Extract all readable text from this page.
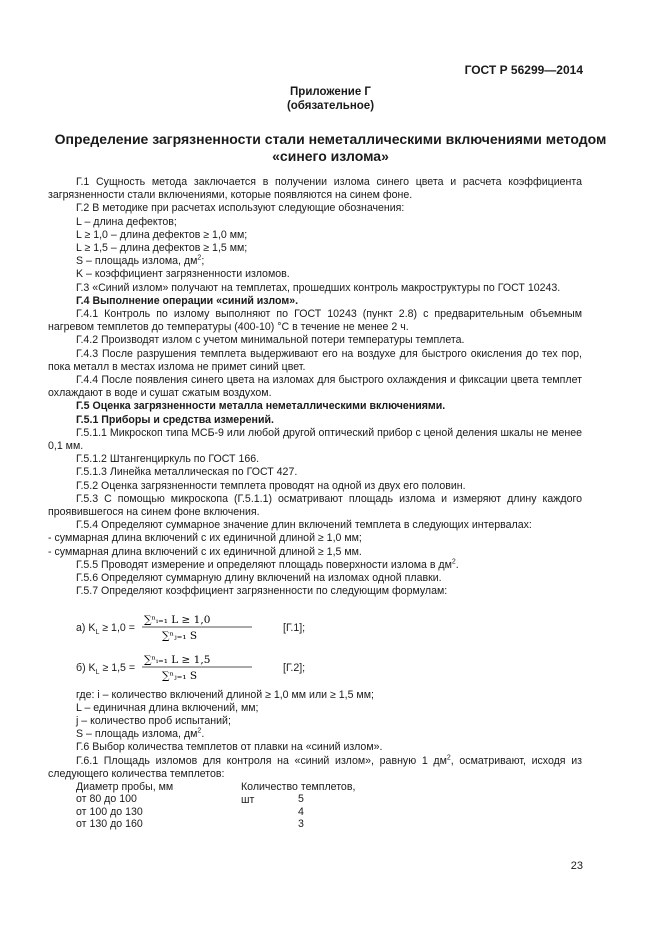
ГОСТ Р 56299—2014
Приложение Г
(обязательное)
Определение загрязненности стали неметаллическими включениями методом «синего излома»

Г.1 Сущность метода заключается в получении излома синего цвета и расчета коэффициента загрязненности стали включениями, которые появляются на синем фоне.

Г.2 В методике при расчетах используют следующие обозначения:

L – длина дефектов;

L ≥ 1,0 – длина дефектов ≥ 1,0 мм;

L ≥ 1,5 – длина дефектов ≥ 1,5 мм;

S – площадь излома, $дм^2$;

K – коэффициент загрязненности изломов.

Г.3 «Синий излом» получают на темплетах, прошедших контроль макроструктуры по ГОСТ 10243.

Г.4 Выполнение операции «синий излом».

Г.4.1 Контроль по излому выполняют по ГОСТ 10243 (пункт 2.8) с предварительным объемным нагревом темплетов до температуры (400-10) °С в течение не менее 2 ч.

Г.4.2 Производят излом с учетом минимальной потери температуры темплета.

Г.4.3 После разрушения темплета выдерживают его на воздухе для быстрого окисления до тех пор, пока металл в местах излома не примет синий цвет.

Г.4.4 После появления синего цвета на изломах для быстрого охлаждения и фиксации цвета темплет охлаждают в воде и сушат сжатым воздухом.

Г.5 Оценка загрязненности металла неметаллическими включениями.

Г.5.1 Приборы и средства измерений.

Г.5.1.1 Микроскоп типа МСБ-9 или любой другой оптический прибор с ценой деления шкалы не менее 0,1 мм.

Г.5.1.2 Штангенциркуль по ГОСТ 166.

Г.5.1.3 Линейка металлическая по ГОСТ 427.

Г.5.2 Оценка загрязненности темплета проводят на одной из двух его половин.

Г.5.3 С помощью микроскопа (Г.5.1.1) осматривают площадь излома и измеряют длину каждого проявившегося на синем фоне включения.

Г.5.4 Определяют суммарное значение длин включений темплета в следующих интервалах:

- суммарная длина включений с их единичной длиной ≥ 1,0 мм;

- суммарная длина включений с их единичной длиной ≥ 1,5 мм.

Г.5.5 Проводят измерение и определяют площадь поверхности излома в $дм^2$.

Г.5.6 Определяют суммарную длину включений на изломах одной плавки.

Г.5.7 Определяют коэффициент загрязненности по следующим формулам:

а) $K_L \ge 1,0$ =
∑ⁿᵢ₌₁ L ≥ 1,0
∑ⁿⱼ₌₁ S
[Г.1];
б) $K_L \ge 1,5$ =
∑ⁿᵢ₌₁ L ≥ 1,5
∑ⁿⱼ₌₁ S
[Г.2];

где: i – количество включений длиной ≥ 1,0 мм или ≥ 1,5 мм;

L – единичная длина включений, мм;

j – количество проб испытаний;

S – площадь излома, $дм^2$.

Г.6 Выбор количества темплетов от плавки на «синий излом».

Г.6.1 Площадь изломов для контроля на «синий излом», равную 1 $дм^2$, осматривают, исходя из следующего количества темплетов:

Диаметр пробы, мм	Количество темплетов, шт
от 80 до 100	5
от 100 до 130	4
от 130 до 160	3
23
